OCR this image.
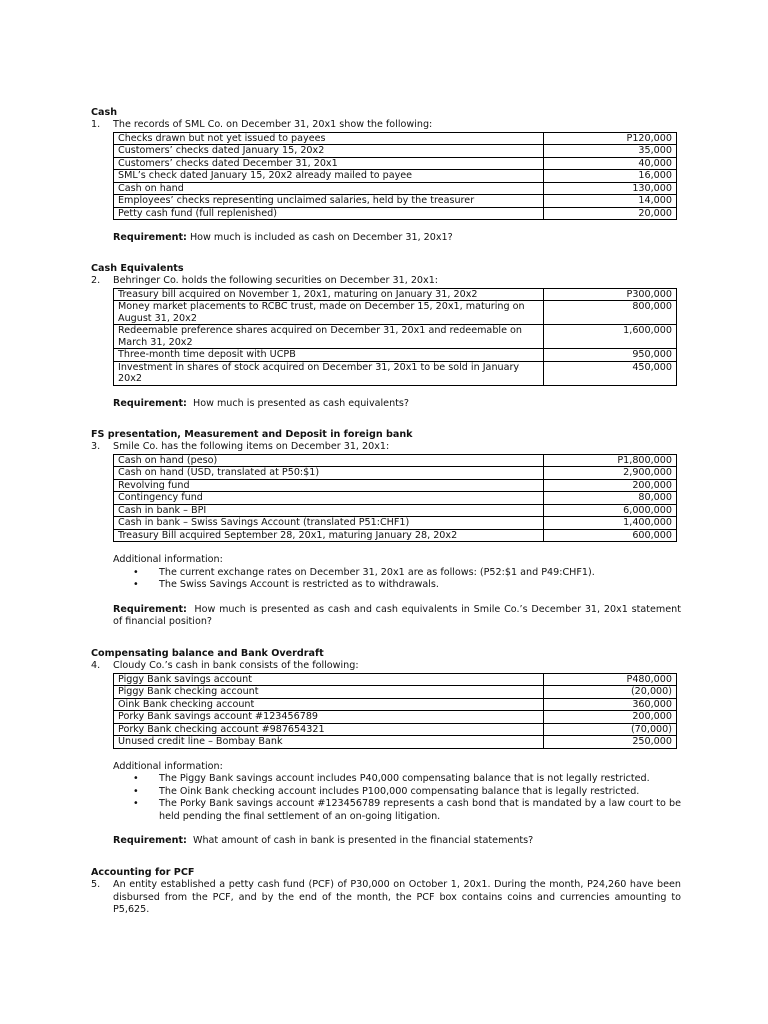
Cash
1. The records of SML Co. on December 31, 20x1 show the following:
Checks drawn but not yet issued to payees	P120,000
Customers’ checks dated January 15, 20x2	35,000
Customers’ checks dated December 31, 20x1	40,000
SML’s check dated January 15, 20x2 already mailed to payee	16,000
Cash on hand	130,000
Employees’ checks representing unclaimed salaries, held by the treasurer	14,000
Petty cash fund (full replenished)	20,000
Requirement: How much is included as cash on December 31, 20x1?
Cash Equivalents
2. Behringer Co. holds the following securities on December 31, 20x1:
Treasury bill acquired on November 1, 20x1, maturing on January 31, 20x2	P300,000
Money market placements to RCBC trust, made on December 15, 20x1, maturing on August 31, 20x2	800,000
Redeemable preference shares acquired on December 31, 20x1 and redeemable on March 31, 20x2	1,600,000
Three-month time deposit with UCPB	950,000
Investment in shares of stock acquired on December 31, 20x1 to be sold in January 20x2	450,000
Requirement: How much is presented as cash equivalents?
FS presentation, Measurement and Deposit in foreign bank
3. Smile Co. has the following items on December 31, 20x1:
Cash on hand (peso)	P1,800,000
Cash on hand (USD, translated at P50:$1)	2,900,000
Revolving fund	200,000
Contingency fund	80,000
Cash in bank – BPI	6,000,000
Cash in bank – Swiss Savings Account (translated P51:CHF1)	1,400,000
Treasury Bill acquired September 28, 20x1, maturing January 28, 20x2	600,000
Additional information:
• The current exchange rates on December 31, 20x1 are as follows: (P52:$1 and P49:CHF1).
• The Swiss Savings Account is restricted as to withdrawals.
Requirement: How much is presented as cash and cash equivalents in Smile Co.’s December 31, 20x1 statement of financial position?
Compensating balance and Bank Overdraft
4. Cloudy Co.’s cash in bank consists of the following:
Piggy Bank savings account	P480,000
Piggy Bank checking account	(20,000)
Oink Bank checking account	360,000
Porky Bank savings account #123456789	200,000
Porky Bank checking account #987654321	(70,000)
Unused credit line – Bombay Bank	250,000
Additional information:
• The Piggy Bank savings account includes P40,000 compensating balance that is not legally restricted.
• The Oink Bank checking account includes P100,000 compensating balance that is legally restricted.
• The Porky Bank savings account #123456789 represents a cash bond that is mandated by a law court to be held pending the final settlement of an on-going litigation.
Requirement: What amount of cash in bank is presented in the financial statements?
Accounting for PCF
5. An entity established a petty cash fund (PCF) of P30,000 on October 1, 20x1. During the month, P24,260 have been disbursed from the PCF, and by the end of the month, the PCF box contains coins and currencies amounting to P5,625.
